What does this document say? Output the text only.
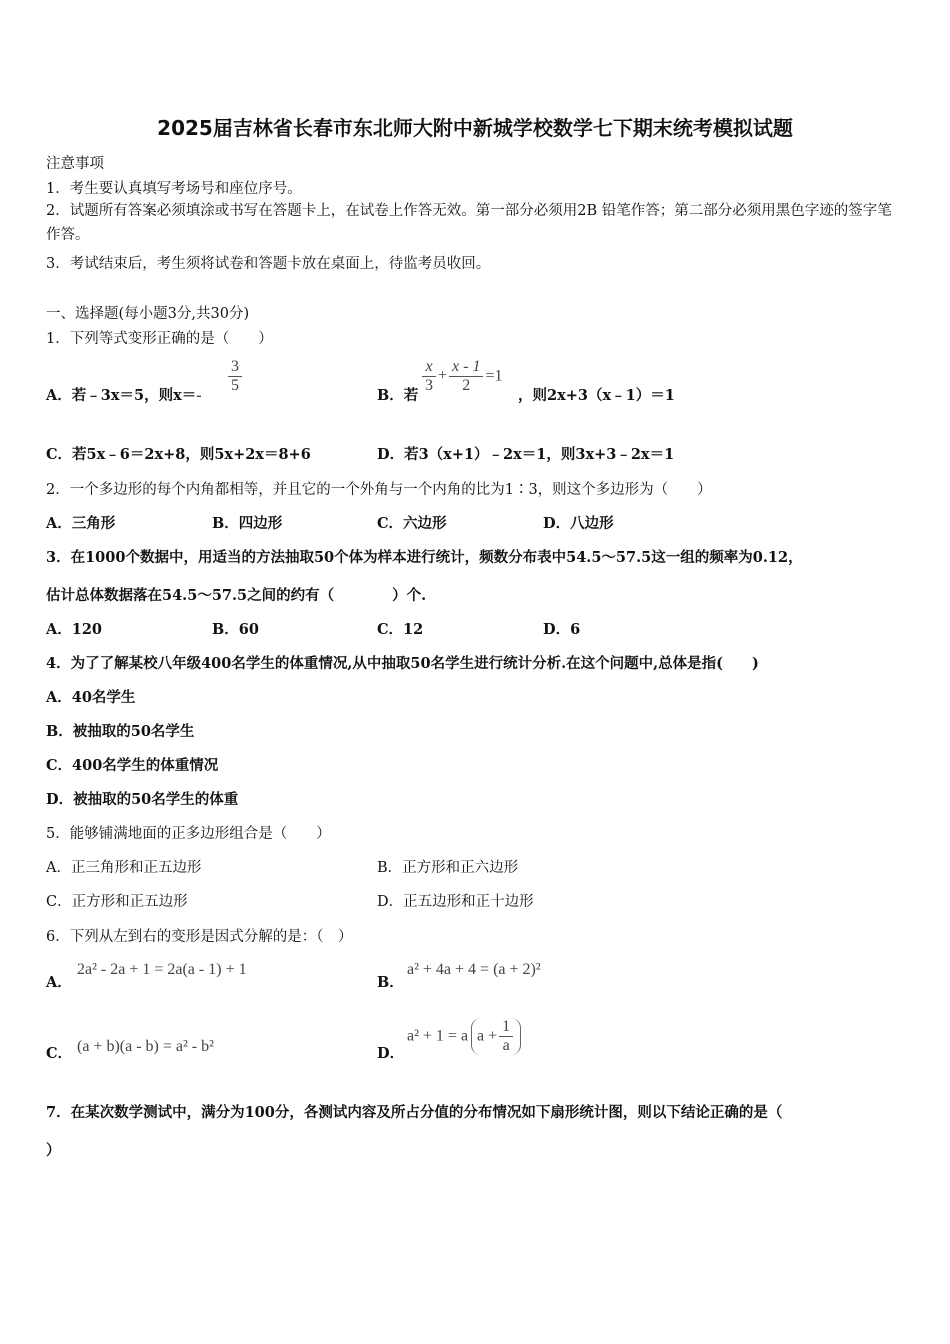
2025届吉林省长春市东北师大附中新城学校数学七下期末统考模拟试题
注意事项
1．考生要认真填写考场号和座位序号。
2．试题所有答案必须填涂或书写在答题卡上，在试卷上作答无效。第一部分必须用2B 铅笔作答；第二部分必须用黑色字迹的签字笔作答。
3．考试结束后，考生须将试卷和答题卡放在桌面上，待监考员收回。
一、选择题(每小题3分,共30分)
1．下列等式变形正确的是（　　）
A．若﹣3x＝5，则x＝-
$\frac{3}{5}$
B．若
$\frac{x}{3} + \frac{x - 1}{2} =1$
，则2x+3（x﹣1）＝1
C．若5x﹣6＝2x+8，则5x+2x＝8+6	D．若3（x+1）﹣2x＝1，则3x+3﹣2x＝1
2．一个多边形的每个内角都相等，并且它的一个外角与一个内角的比为1∶3，则这个多边形为（　　）
A．三角形	B．四边形	C．六边形	D．八边形
3．在1000个数据中，用适当的方法抽取50个体为样本进行统计，频数分布表中54.5～57.5这一组的频率为0.12，
估计总体数据落在54.5～57.5之间的约有（　　　　）个.
A．120	B．60	C．12	D．6
4．为了了解某校八年级400名学生的体重情况,从中抽取50名学生进行统计分析.在这个问题中,总体是指(　　)
A．40名学生
B．被抽取的50名学生
C．400名学生的体重情况
D．被抽取的50名学生的体重
5．能够铺满地面的正多边形组合是（　　）
A．正三角形和正五边形	B．正方形和正六边形
C．正方形和正五边形	D．正五边形和正十边形
6．下列从左到右的变形是因式分解的是：（　）
A．
2a² - 2a + 1 = 2a(a - 1) + 1
B．
a² + 4a + 4 = (a + 2)²
C． (a + b)(a - b) = a² - b²	D．
a² + 1 = a $a + \frac{1}{a}$
7．在某次数学测试中，满分为100分，各测试内容及所占分值的分布情况如下扇形统计图，则以下结论正确的是（
）
